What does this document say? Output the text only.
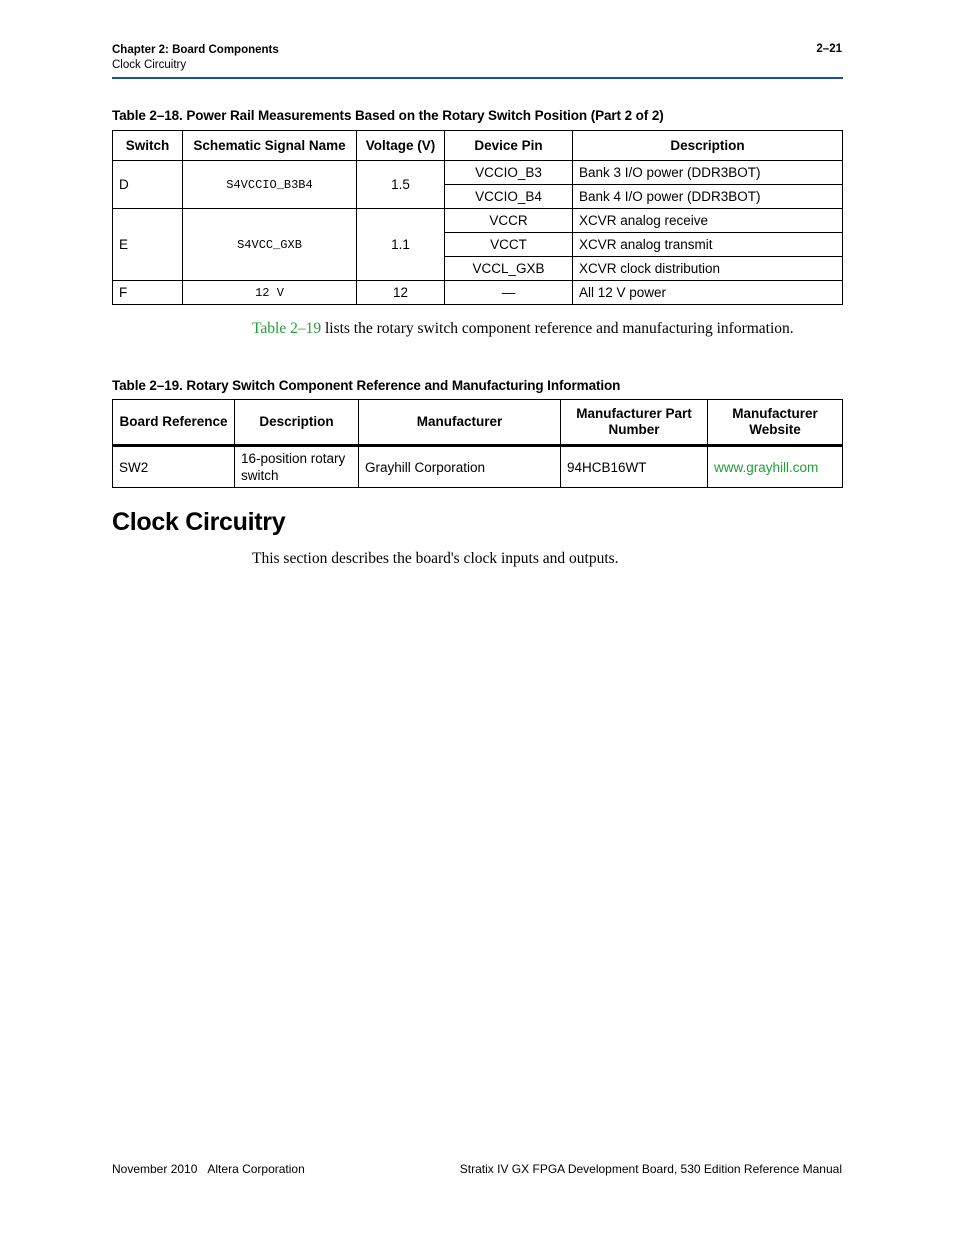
Chapter 2: Board Components
Clock Circuitry
2–21
Table 2–18. Power Rail Measurements Based on the Rotary Switch Position (Part 2 of 2)
Switch	Schematic Signal Name	Voltage (V)	Device Pin	Description
D	S4VCCIO_B3B4	1.5	VCCIO_B3	Bank 3 I/O power (DDR3BOT)
			VCCIO_B4	Bank 4 I/O power (DDR3BOT)
E	S4VCC_GXB	1.1	VCCR	XCVR analog receive
			VCCT	XCVR analog transmit
			VCCL_GXB	XCVR clock distribution
F	12 V	12	—	All 12 V power

Table 2–19 lists the rotary switch component reference and manufacturing information.

Table 2–19. Rotary Switch Component Reference and Manufacturing Information
Board Reference	Description	Manufacturer	Manufacturer Part Number	Manufacturer Website
SW2	16-position rotary switch	Grayhill Corporation	94HCB16WT	www.grayhill.com
Clock Circuitry

This section describes the board's clock inputs and outputs.

November 2010 Altera Corporation	Stratix IV GX FPGA Development Board, 530 Edition Reference Manual
